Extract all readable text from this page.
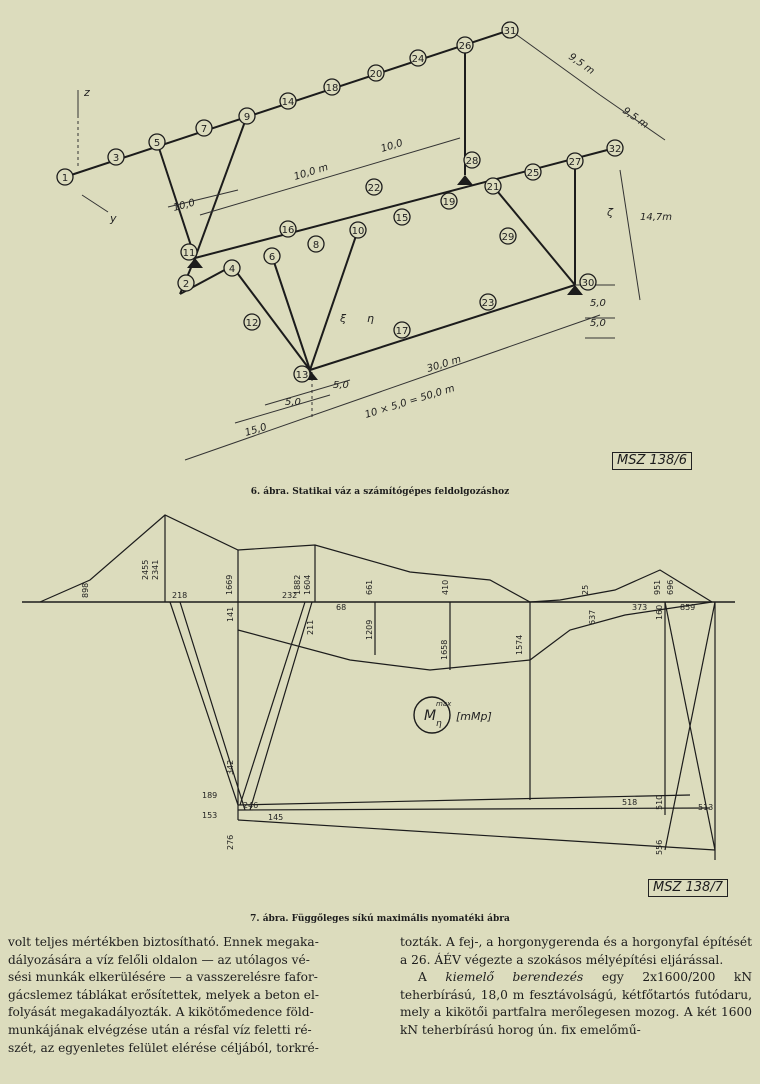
1
3
5
7
9
14
18
20
24
26
31
2
4
6
8
10
15
19
21
25
27
32
11
13
16
22
28
30
12
17
23
29
9,5 m
9,5 m
10,0
10,0 m
10,0
14,7m
5,0
5,0
30,0 m
10 × 5,0 = 50,0 m
5,0
5,0
15,0
z
y	ζ
ξ η
MSZ 138/6
6. ábra. Statikai váz a számítógépes feldolgozáshoz
898
2455 2341
1669	1882 1604	661	410	25	951 696
218
141
232
68
211	1209
1658	1574
637
373	859
160
342
189
153
246
145
276
518 510	513
556
M
max
η
[mMp]
MSZ 138/7
7. ábra. Függőleges síkú maximális nyomatéki ábra

volt teljes mértékben biztosítható. Ennek megaka-

dályozására a víz felőli oldalon — az utólagos vé-

sési munkák elkerülésére — a vasszerelésre fafor-

gácslemez táblákat erősítettek, melyek a beton el-

folyását megakadályozták. A kikötőmedence föld-

munkájának elvégzése után a résfal víz feletti ré-

szét, az egyenletes felület elérése céljából, torkré-

tozták. A fej-, a horgonygerenda és a horgonyfal építését a 26. ÁÉV végezte a szokásos mélyépítési eljárással.

A kiemelő berendezés egy 2x1600/200 kN teherbírású, 18,0 m fesztávolságú, kétfőtartós futódaru, mely a kikötői partfalra merőlegesen mozog. A két 1600 kN teherbírású horog ún. fix emelőmű-
